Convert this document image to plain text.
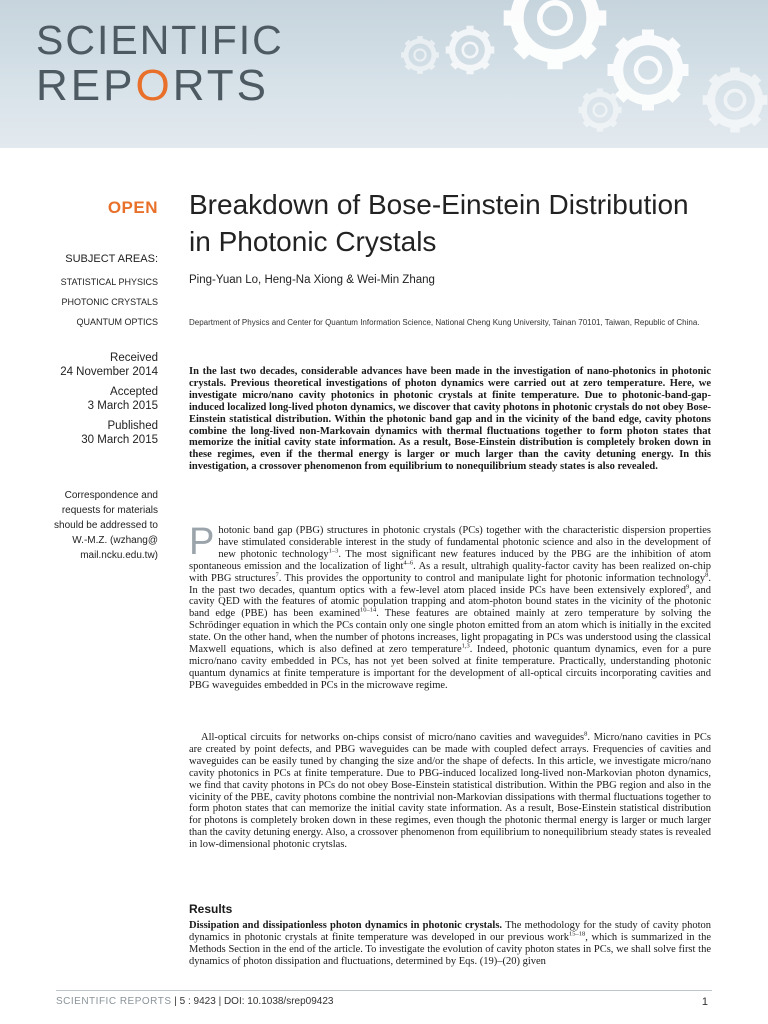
SCIENTIFIC
REPORTS
OPEN
SUBJECT AREAS:
STATISTICAL PHYSICS
PHOTONIC CRYSTALS
QUANTUM OPTICS
Received
24 November 2014
Accepted
3 March 2015
Published
30 March 2015
Correspondence and
requests for materials
should be addressed to
W.-M.Z. (wzhang@
mail.ncku.edu.tw)
Breakdown of Bose-Einstein Distribution
in Photonic Crystals
Ping-Yuan Lo, Heng-Na Xiong & Wei-Min Zhang
Department of Physics and Center for Quantum Information Science, National Cheng Kung University, Tainan 70101, Taiwan, Republic of China.

In the last two decades, considerable advances have been made in the investigation of nano-photonics in photonic crystals. Previous theoretical investigations of photon dynamics were carried out at zero temperature. Here, we investigate micro/nano cavity photonics in photonic crystals at finite temperature. Due to photonic-band-gap-induced localized long-lived photon dynamics, we discover that cavity photons in photonic crystals do not obey Bose-Einstein statistical distribution. Within the photonic band gap and in the vicinity of the band edge, cavity photons combine the long-lived non-Markovain dynamics with thermal fluctuations together to form photon states that memorize the initial cavity state information. As a result, Bose-Einstein distribution is completely broken down in these regimes, even if the thermal energy is larger or much larger than the cavity detuning energy. In this investigation, a crossover phenomenon from equilibrium to nonequilibrium steady states is also revealed.

Photonic band gap (PBG) structures in photonic crystals (PCs) together with the characteristic dispersion properties have stimulated considerable interest in the study of fundamental photonic science and also in the development of new photonic technology$^{1-3}$. The most significant new features induced by the PBG are the inhibition of atom spontaneous emission and the localization of light$^{4-6}$. As a result, ultrahigh quality-factor cavity has been realized on-chip with PBG structures$^7$. This provides the opportunity to control and manipulate light for photonic information technology$^8$. In the past two decades, quantum optics with a few-level atom placed inside PCs have been extensively explored$^9$, and cavity QED with the features of atomic population trapping and atom-photon bound states in the vicinity of the photonic band edge (PBE) has been examined$^{10-14}$. These features are obtained mainly at zero temperature by solving the Schrödinger equation in which the PCs contain only one single photon emitted from an atom which is initially in the excited state. On the other hand, when the number of photons increases, light propagating in PCs was understood using the classical Maxwell equations, which is also defined at zero temperature$^{1,3}$. Indeed, photonic quantum dynamics, even for a pure micro/nano cavity embedded in PCs, has not yet been solved at finite temperature. Practically, understanding photonic quantum dynamics at finite temperature is important for the development of all-optical circuits incorporating cavities and PBG waveguides embedded in PCs in the microwave regime.

All-optical circuits for networks on-chips consist of micro/nano cavities and waveguides$^8$. Micro/nano cavities in PCs are created by point defects, and PBG waveguides can be made with coupled defect arrays. Frequencies of cavities and waveguides can be easily tuned by changing the size and/or the shape of defects. In this article, we investigate micro/nano cavity photonics in PCs at finite temperature. Due to PBG-induced localized long-lived non-Markovian photon dynamics, we find that cavity photons in PCs do not obey Bose-Einstein statistical distribution. Within the PBG region and also in the vicinity of the PBE, cavity photons combine the nontrivial non-Markovian dissipations with thermal fluctuations together to form photon states that can memorize the initial cavity state information. As a result, Bose-Einstein statistical distribution for photons is completely broken down in these regimes, even though the photonic thermal energy is larger or much larger than the cavity detuning energy. Also, a crossover phenomenon from equilibrium to nonequilibrium steady states is revealed in low-dimensional photonic crytslas.

Results

Dissipation and dissipationless photon dynamics in photonic crystals. The methodology for the study of cavity photon dynamics in photonic crystals at finite temperature was developed in our previous work$^{15-18}$, which is summarized in the Methods Section in the end of the article. To investigate the evolution of cavity photon states in PCs, we shall solve first the dynamics of photon dissipation and fluctuations, determined by Eqs. (19)–(20) given

SCIENTIFIC REPORTS | 5 : 9423 | DOI: 10.1038/srep09423	1
